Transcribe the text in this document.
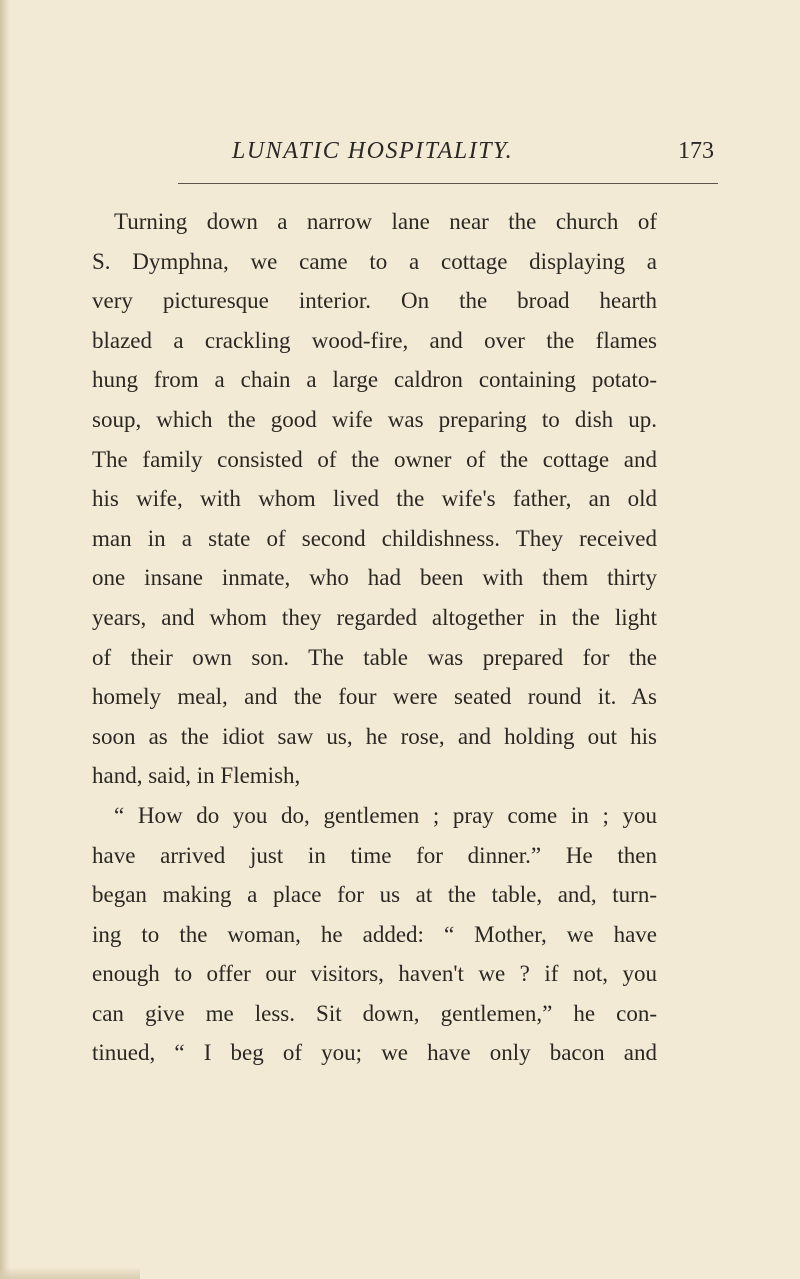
LUNATIC HOSPITALITY.	173
Turning down a narrow lane near the church of
S. Dymphna, we came to a cottage displaying a
very picturesque interior. On the broad hearth
blazed a crackling wood-fire, and over the flames
hung from a chain a large caldron containing potato-
soup, which the good wife was preparing to dish up.
The family consisted of the owner of the cottage and
his wife, with whom lived the wife's father, an old
man in a state of second childishness. They received
one insane inmate, who had been with them thirty
years, and whom they regarded altogether in the light
of their own son. The table was prepared for the
homely meal, and the four were seated round it. As
soon as the idiot saw us, he rose, and holding out his
hand, said, in Flemish,
“ How do you do, gentlemen ; pray come in ; you
have arrived just in time for dinner.” He then
began making a place for us at the table, and, turn-
ing to the woman, he added: “ Mother, we have
enough to offer our visitors, haven't we ? if not, you
can give me less. Sit down, gentlemen,” he con-
tinued, “ I beg of you; we have only bacon and
